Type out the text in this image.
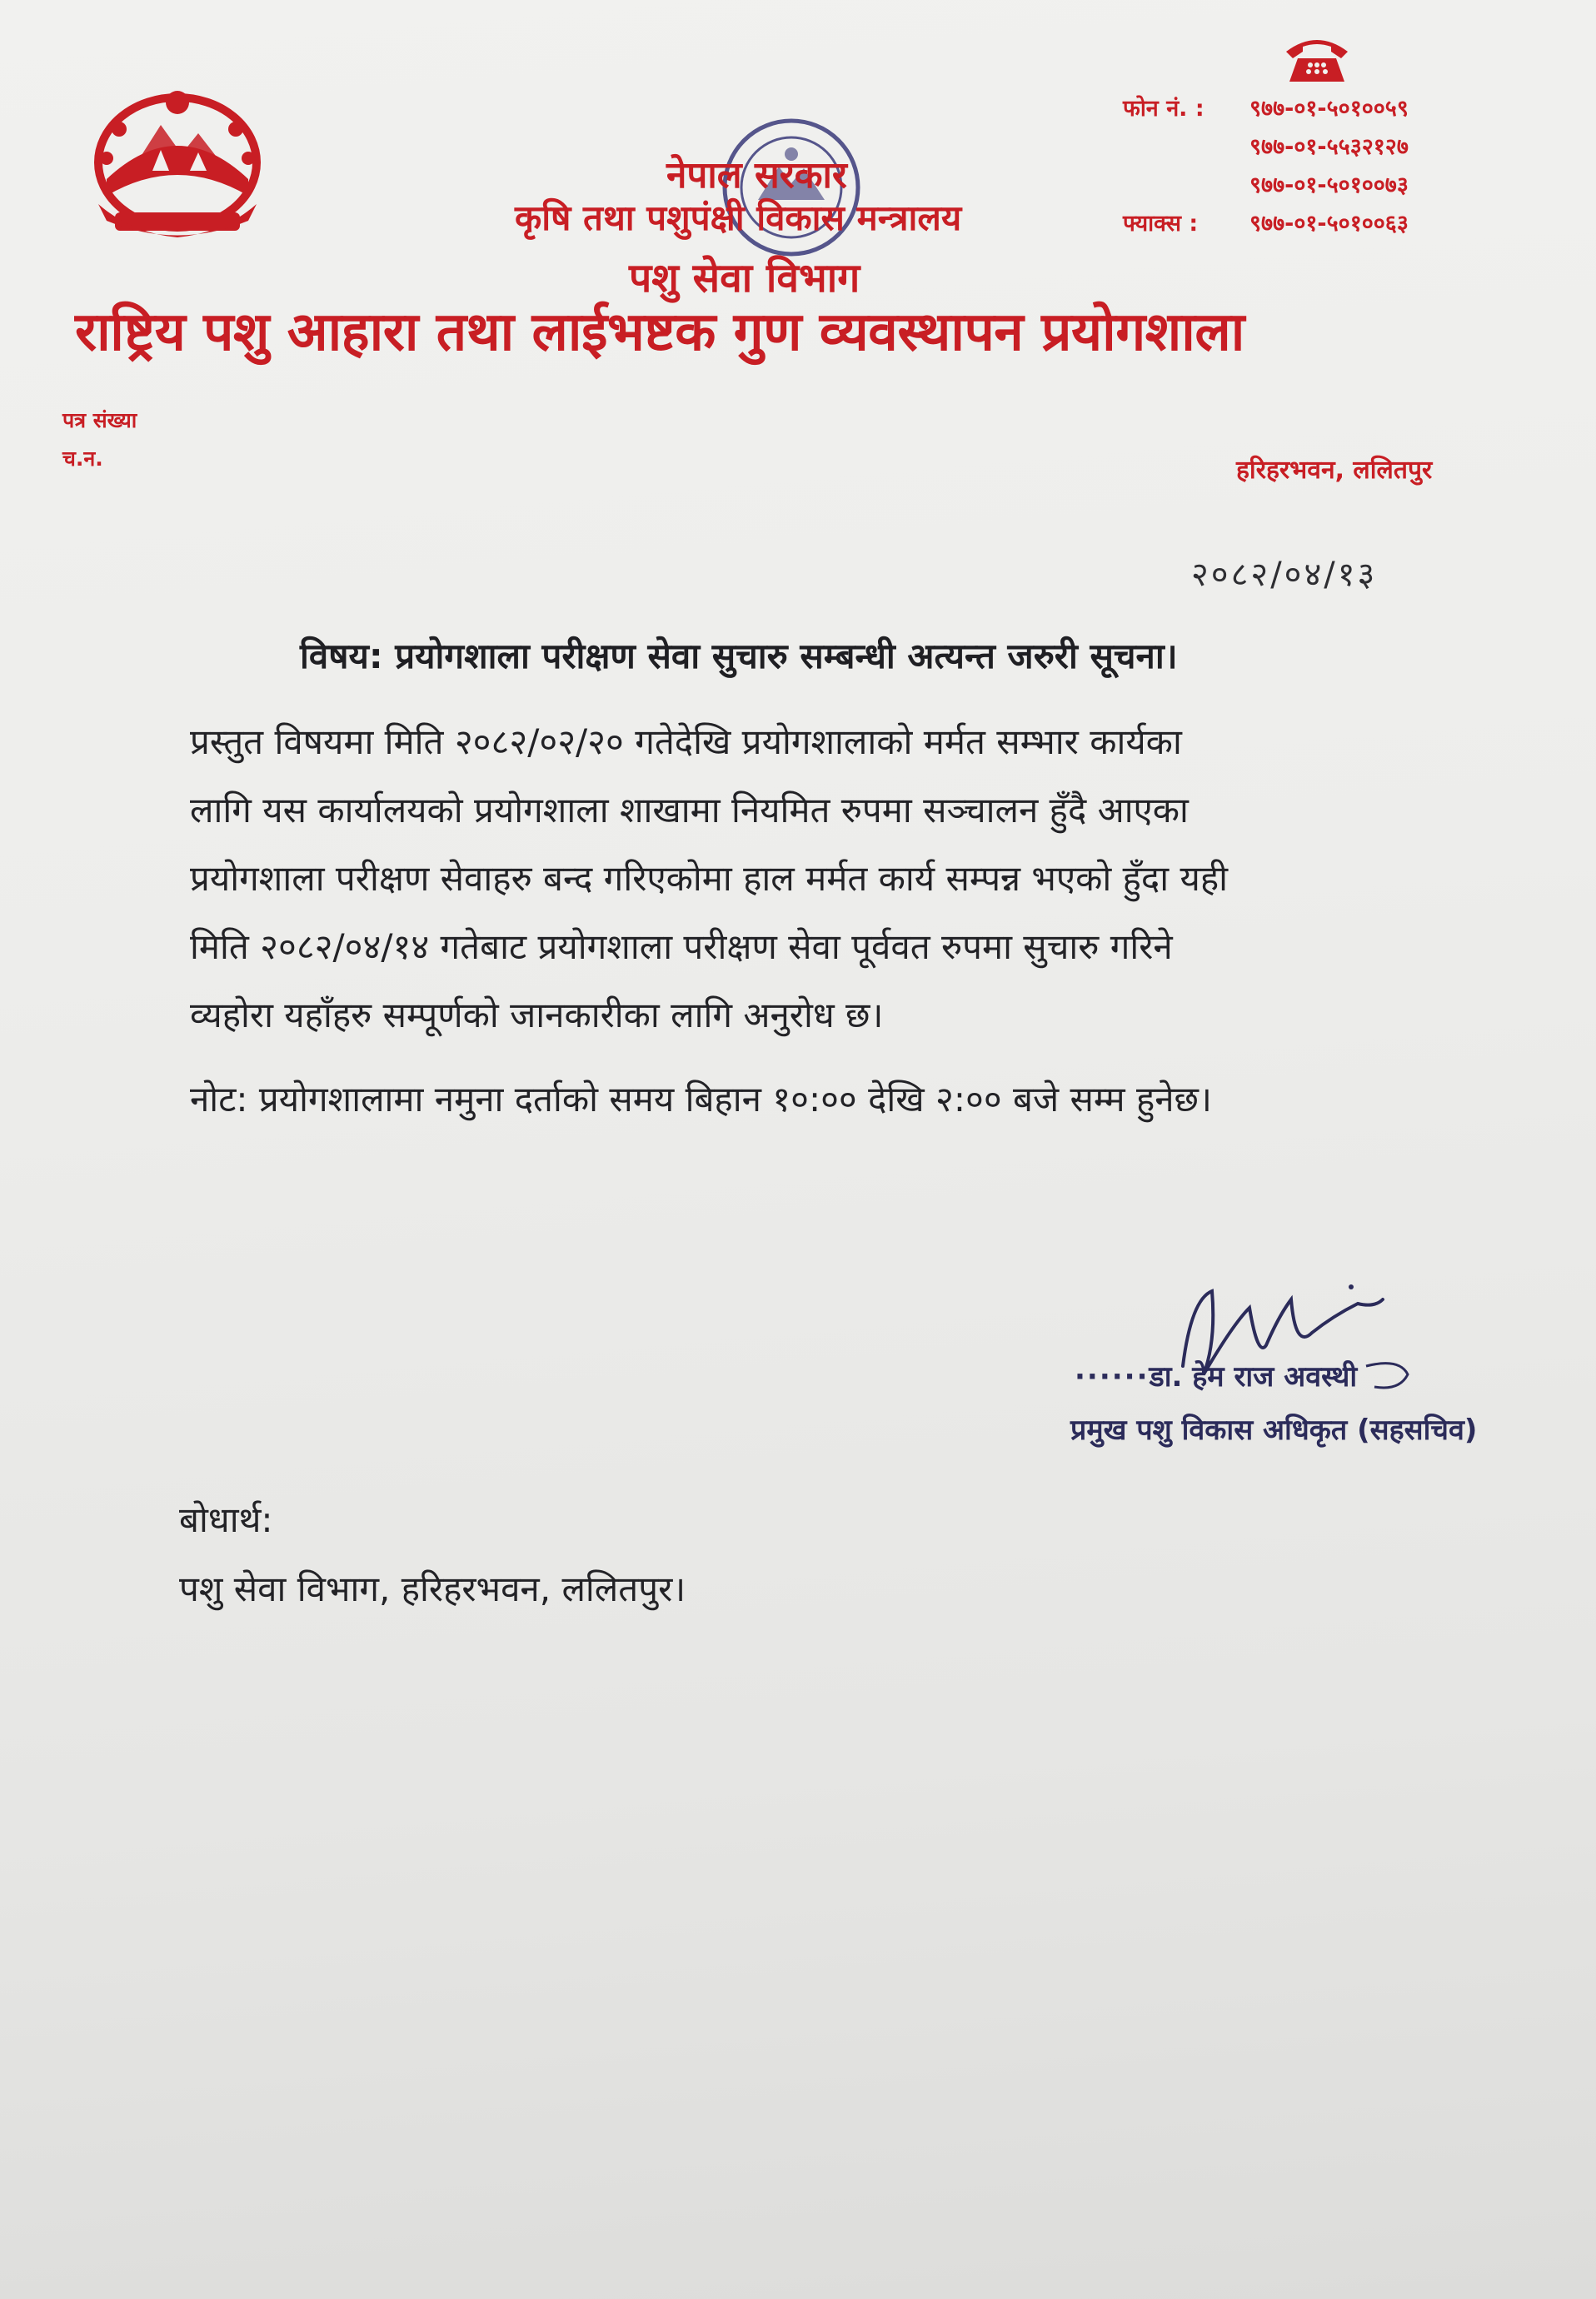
नेपाल सरकार
कृषि तथा पशुपंक्षी विकास मन्त्रालय
पशु सेवा विभाग
राष्ट्रिय पशु आहारा तथा लाईभष्टक गुण व्यवस्थापन प्रयोगशाला
फोन नं. :	९७७-०१-५०१००५९
९७७-०१-५५३२१२७
९७७-०१-५०१००७३
फ्याक्स :	९७७-०१-५०१००६३
पत्र संख्या
च.न.	हरिहरभवन, ललितपुर
२०८२/०४/१३
विषय: प्रयोगशाला परीक्षण सेवा सुचारु सम्बन्धी अत्यन्त जरुरी सूचना।
प्रस्तुत विषयमा मिति २०८२/०२/२० गतेदेखि प्रयोगशालाको मर्मत सम्भार कार्यका
लागि यस कार्यालयको प्रयोगशाला शाखामा नियमित रुपमा सञ्चालन हुँदै आएका
प्रयोगशाला परीक्षण सेवाहरु बन्द गरिएकोमा हाल मर्मत कार्य सम्पन्न भएको हुँदा यही
मिति २०८२/०४/१४ गतेबाट प्रयोगशाला परीक्षण सेवा पूर्ववत रुपमा सुचारु गरिने
व्यहोरा यहाँहरु सम्पूर्णको जानकारीका लागि अनुरोध छ।
नोट: प्रयोगशालामा नमुना दर्ताको समय बिहान १०:०० देखि २:०० बजे सम्म हुनेछ।
······डा. हेम राज अवस्थी
प्रमुख पशु विकास अधिकृत (सहसचिव)
बोधार्थ:
पशु सेवा विभाग, हरिहरभवन, ललितपुर।
